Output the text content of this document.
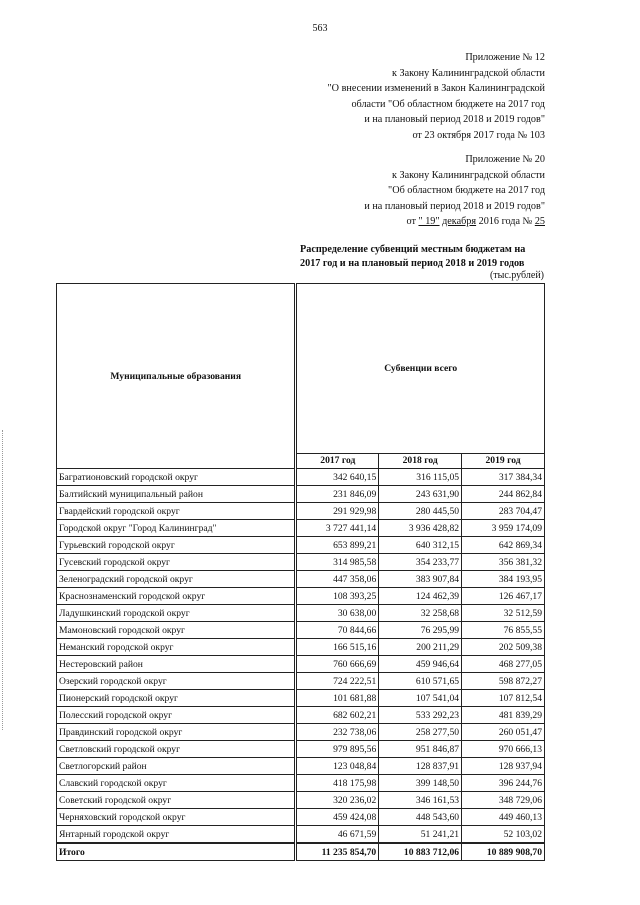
563
Приложение № 12
к Закону Калининградской области
"О внесении изменений в Закон Калининградской
области "Об областном бюджете на 2017 год
и на плановый период 2018 и 2019 годов"
от 23 октября 2017 года № 103
Приложение № 20
к Закону Калининградской области
"Об областном бюджете на 2017 год
и на плановый период 2018 и 2019 годов"
от " 19" декабря 2016 года № 25
Распределение субвенций местным бюджетам на 2017 год и на плановый период 2018 и 2019 годов
(тыс.рублей)
Муниципальные образования	Субвенции всего		
	2017 год	2018 год	2019 год
Багратионовский городской округ	342 640,15	316 115,05	317 384,34
Балтийский муниципальный район	231 846,09	243 631,90	244 862,84
Гвардейский городской округ	291 929,98	280 445,50	283 704,47
Городской округ "Город Калининград"	3 727 441,14	3 936 428,82	3 959 174,09
Гурьевский городской округ	653 899,21	640 312,15	642 869,34
Гусевский городской округ	314 985,58	354 233,77	356 381,32
Зеленоградский городской округ	447 358,06	383 907,84	384 193,95
Краснознаменский городской округ	108 393,25	124 462,39	126 467,17
Ладушкинский городской округ	30 638,00	32 258,68	32 512,59
Мамоновский городской округ	70 844,66	76 295,99	76 855,55
Неманский городской округ	166 515,16	200 211,29	202 509,38
Нестеровский район	760 666,69	459 946,64	468 277,05
Озерский городской округ	724 222,51	610 571,65	598 872,27
Пионерский городской округ	101 681,88	107 541,04	107 812,54
Полесский городской округ	682 602,21	533 292,23	481 839,29
Правдинский городской округ	232 738,06	258 277,50	260 051,47
Светловский городской округ	979 895,56	951 846,87	970 666,13
Светлогорский район	123 048,84	128 837,91	128 937,94
Славский городской округ	418 175,98	399 148,50	396 244,76
Советский городской округ	320 236,02	346 161,53	348 729,06
Черняховский городской округ	459 424,08	448 543,60	449 460,13
Янтарный городской округ	46 671,59	51 241,21	52 103,02
Итого	11 235 854,70	10 883 712,06	10 889 908,70
